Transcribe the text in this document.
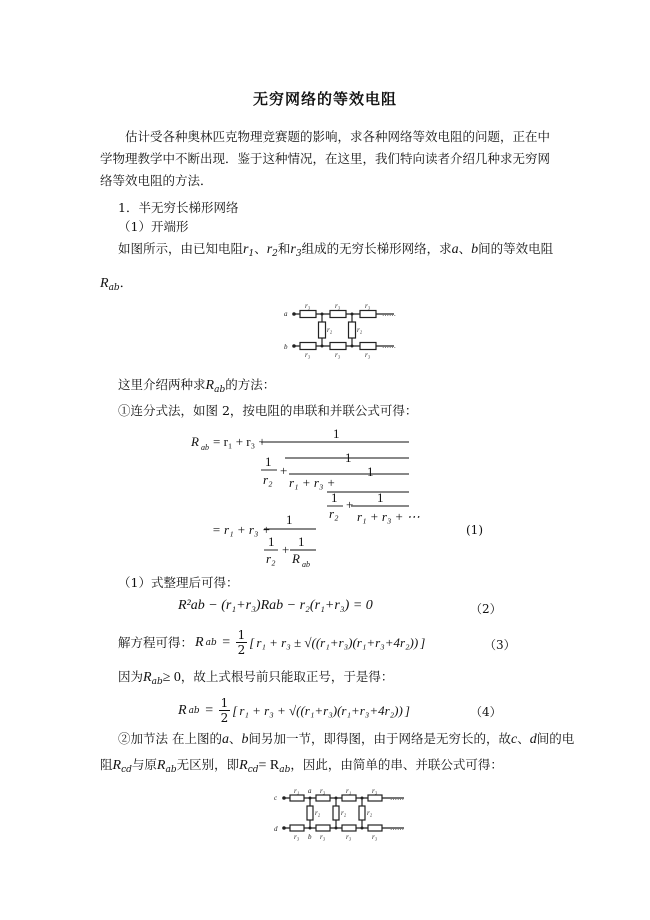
无穷网络的等效电阻
估计受各种奥林匹克物理竞赛题的影响，求各种网络等效电阻的问题，正在中学物理教学中不断出现．鉴于这种情况，在这里，我们特向读者介绍几种求无穷网络等效电阻的方法．
1．半无穷长梯形网络
（1）开端形
如图所示，由已知电阻$r_1$、$r_2$和$r_3$组成的无穷长梯形网络，求a、b间的等效电阻
$R_{ab}$．
a
b
r₃	r₃	r₃
r₃	r₃	r₃
r₂	r₂
……
……
这里介绍两种求$R_{ab}$的方法：
①连分式法，如图 2，按电阻的串联和并联公式可得：
R ab = r₁ + r₃ +
1
1
r₂
+
1
r₁ + r₃ +
1
1
r₂
+ 1
r₁ + r₃ + ⋯
= r₁ + r₃ +
1
1
r₂
+
1
R ab
(1)
（1）式整理后可得：
R²ab − (r₁+r₃)Rab − r₂(r₁+r₃) = 0	（2）
解方程可得： R ab = $\frac{1}{2}$ [ r₁ + r₃ ± √((r₁+r₃)(r₁+r₃+4r₂)) ]	（3）
因为$R_{ab}\ge 0$，故上式根号前只能取正号，于是得：
R ab = $\frac{1}{2}$ [ r₁ + r₃ + √((r₁+r₃)(r₁+r₃+4r₂)) ]	（4）
②加节法 在上图的a、b间另加一节，即得图，由于网络是无穷长的，故c、d间的电
阻$R_{cd}$与原$R_{ab}$无区别，即$R_{cd}= R_{ab}$，因此，由简单的串、并联公式可得：
c
d
a
b
r₁	r₃	r₁	r₃
r₃	r₃	r₃	r₃
r₂	r₂	r₂
……
……
